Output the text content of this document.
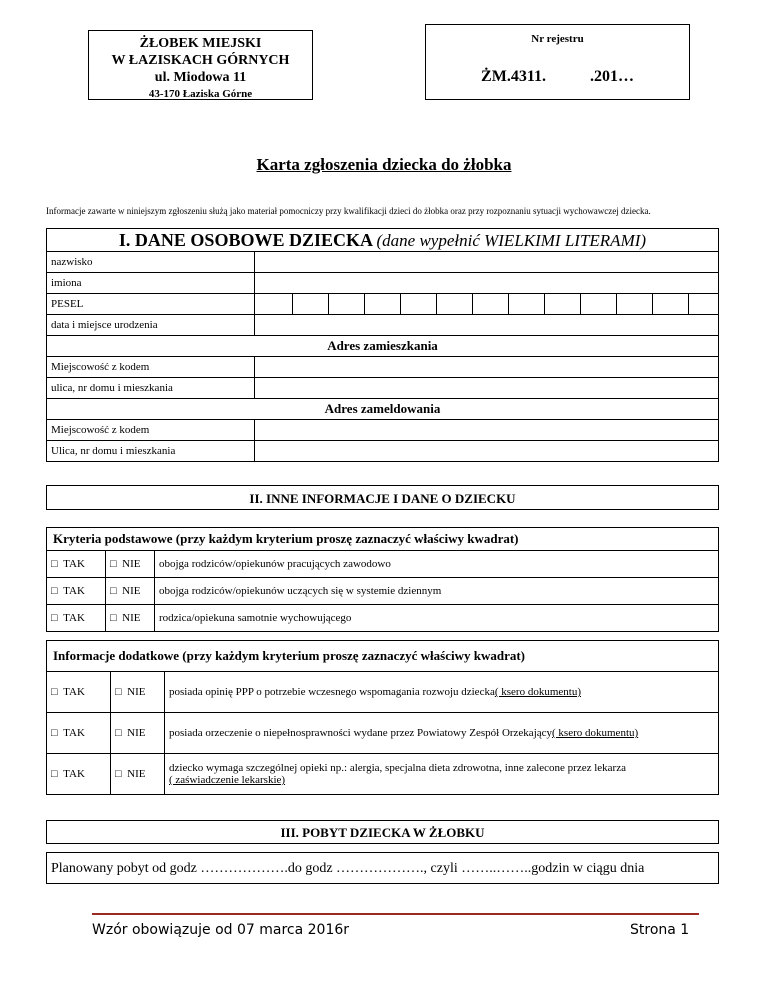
ŻŁOBEK MIEJSKI
W ŁAZISKACH GÓRNYCH
ul. Miodowa 11
43-170 Łaziska Górne
Nr rejestru
ŻM.4311.	.201…
Karta zgłoszenia dziecka do żłobka
Informacje zawarte w niniejszym zgłoszeniu służą jako materiał pomocniczy przy kwalifikacji dzieci do żłobka oraz przy rozpoznaniu sytuacji wychowawczej dziecka.
I. DANE OSOBOWE DZIECKA (dane wypełnić WIELKIMI LITERAMI)													
nazwisko													
imiona													
PESEL													
data i miejsce urodzenia													
Adres zamieszkania													
Miejscowość z kodem													
ulica, nr domu i mieszkania													
Adres zameldowania													
Miejscowość z kodem													
Ulica, nr domu i mieszkania													
II. INNE INFORMACJE I DANE O DZIECKU
Kryteria podstawowe (przy każdym kryterium proszę zaznaczyć właściwy kwadrat)		
□ TAK	□ NIE	obojga rodziców/opiekunów pracujących zawodowo
□ TAK	□ NIE	obojga rodziców/opiekunów uczących się w systemie dziennym
□ TAK	□ NIE	rodzica/opiekuna samotnie wychowującego
Informacje dodatkowe (przy każdym kryterium proszę zaznaczyć właściwy kwadrat)		
□ TAK	□ NIE	posiada opinię PPP o potrzebie wczesnego wspomagania rozwoju dziecka( ksero dokumentu)
□ TAK	□ NIE	posiada orzeczenie o niepełnosprawności wydane przez Powiatowy Zespół Orzekający( ksero dokumentu)
□ TAK	□ NIE	dziecko wymaga szczególnej opieki np.: alergia, specjalna dieta zdrowotna, inne zalecone przez lekarza
( zaświadczenie lekarskie)
III. POBYT DZIECKA W ŻŁOBKU
Planowany pobyt od godz ……………….do godz ………………., czyli ……..……..godzin w ciągu dnia
Wzór obowiązuje od 07 marca 2016r	Strona 1
